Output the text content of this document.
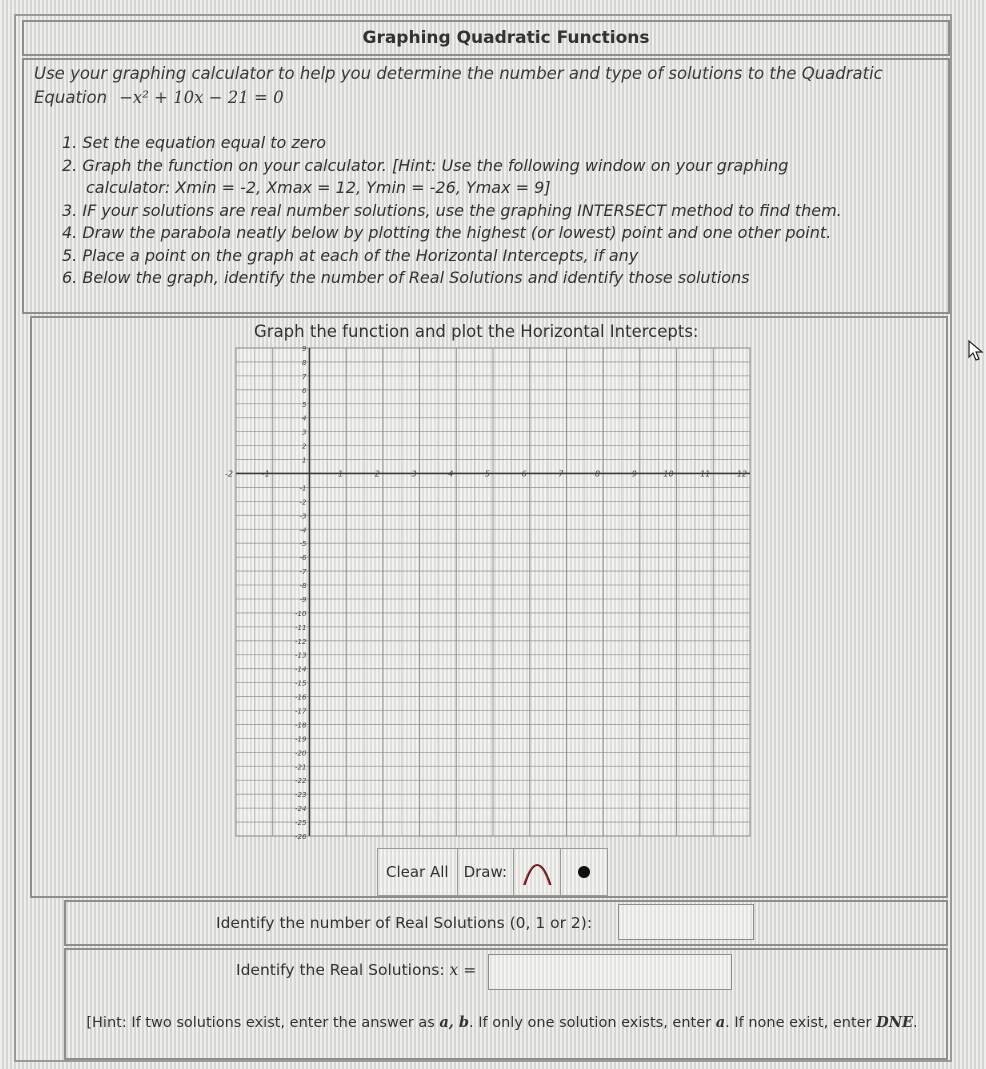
Graphing Quadratic Functions
Use your graphing calculator to help you determine the number and type of solutions to the Quadratic
Equation −x² + 10x − 21 = 0
1. Set the equation equal to zero
2. Graph the function on your calculator. [Hint: Use the following window on your graphing
calculator: Xmin = -2, Xmax = 12, Ymin = -26, Ymax = 9]
3. IF your solutions are real number solutions, use the graphing INTERSECT method to find them.
4. Draw the parabola neatly below by plotting the highest (or lowest) point and one other point.
5. Place a point on the graph at each of the Horizontal Intercepts, if any
6. Below the graph, identify the number of Real Solutions and identify those solutions
Graph the function and plot the Horizontal Intercepts:
-2	-1	1	2	3	4	5	6	7	8	9	10	11	12
9
8
7
6
5
4
3
2
1
-1
-2
-3
-4
-5
-6
-7
-8
-9
-10
-11
-12
-13
-14
-15
-16
-17
-18
-19
-20
-21
-22
-23
-24
-25
-26
Clear All	Draw:
Identify the number of Real Solutions (0, 1 or 2):
Identify the Real Solutions: x =
[Hint: If two solutions exist, enter the answer as a, b. If only one solution exists, enter a. If none exist, enter DNE.
